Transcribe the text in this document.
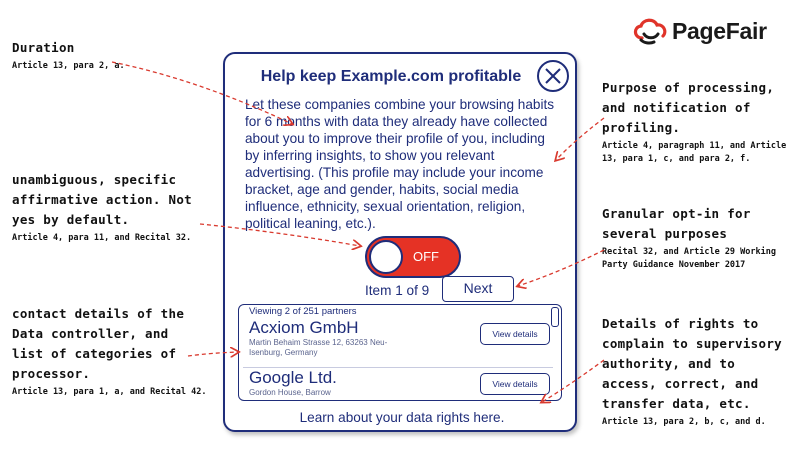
PageFair
Duration
Article 13, para 2, a.
unambiguous, specific affirmative action. Not yes by default.
Article 4, para 11, and Recital 32.
contact details of the Data controller, and list of categories of processor.
Article 13, para 1, a, and Recital 42.
Purpose of processing, and notification of profiling.
Article 4, paragraph 11, and Article 13, para 1, c, and para 2, f.
Granular opt-in for several purposes
Recital 32, and Article 29 Working Party Guidance November 2017
Details of rights to complain to supervisory authority, and to access, correct, and transfer data, etc.
Article 13, para 2, b, c, and d.
Help keep Example.com profitable
Let these companies combine your browsing habits for 6 months with data they already have collected about you to improve their profile of you, including by inferring insights, to show you relevant advertising. (This profile may include your income bracket, age and gender, habits, social media influence, ethnicity, sexual orientation, religion, political leaning, etc.).
OFF
Item 1 of 9	Next
Viewing 2 of 251 partners
Acxiom GmbH
Martin Behaim Strasse 12, 63263 Neu-Isenburg, Germany
View details
Google Ltd.
Gordon House, Barrow
View details
Learn about your data rights here.
